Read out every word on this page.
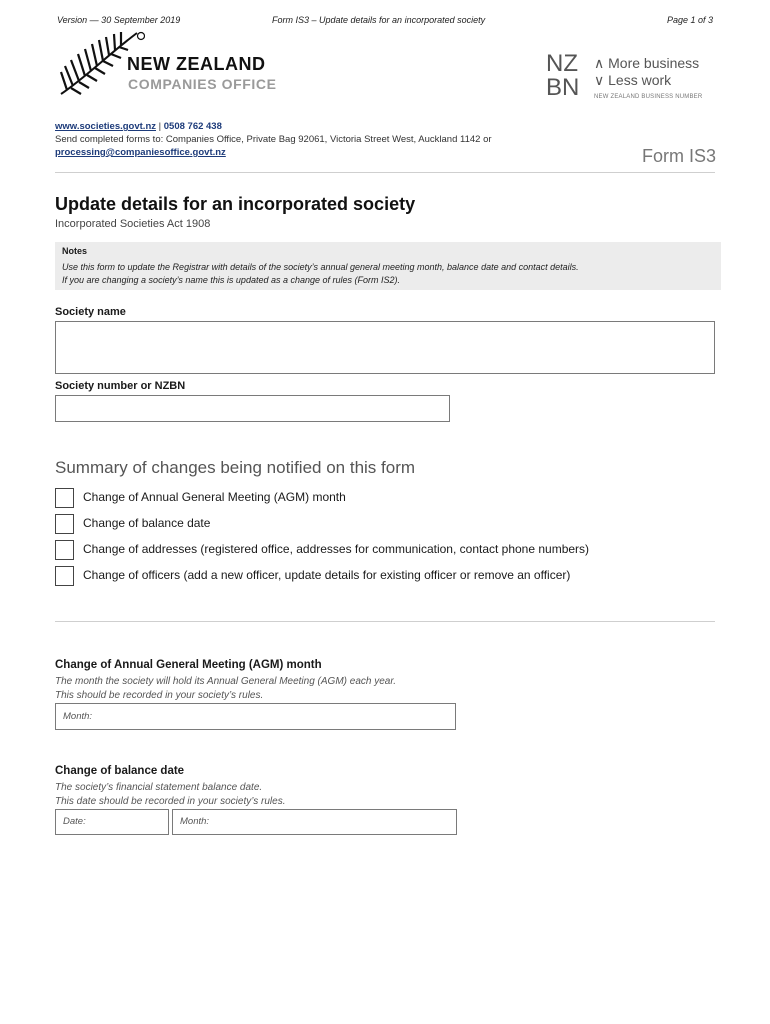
Version — 30 September 2019	Form IS3 – Update details for an incorporated society	Page 1 of 3
NEW ZEALAND
COMPANIES OFFICE
NZ
BN
∧ More business
∨ Less work
NEW ZEALAND BUSINESS NUMBER
www.societies.govt.nz | 0508 762 438
Send completed forms to: Companies Office, Private Bag 92061, Victoria Street West, Auckland 1142 or
processing@companiesoffice.govt.nz	Form IS3
Update details for an incorporated society
Incorporated Societies Act 1908
Notes
Use this form to update the Registrar with details of the society’s annual general meeting month, balance date and contact details.
If you are changing a society’s name this is updated as a change of rules (Form IS2).
Society name
Society number or NZBN
Summary of changes being notified on this form
Change of Annual General Meeting (AGM) month
Change of balance date
Change of addresses (registered office, addresses for communication, contact phone numbers)
Change of officers (add a new officer, update details for existing officer or remove an officer)
Change of Annual General Meeting (AGM) month
The month the society will hold its Annual General Meeting (AGM) each year.
This should be recorded in your society’s rules.
Month:
Change of balance date
The society’s financial statement balance date.
This date should be recorded in your society’s rules.
Date:	Month:
